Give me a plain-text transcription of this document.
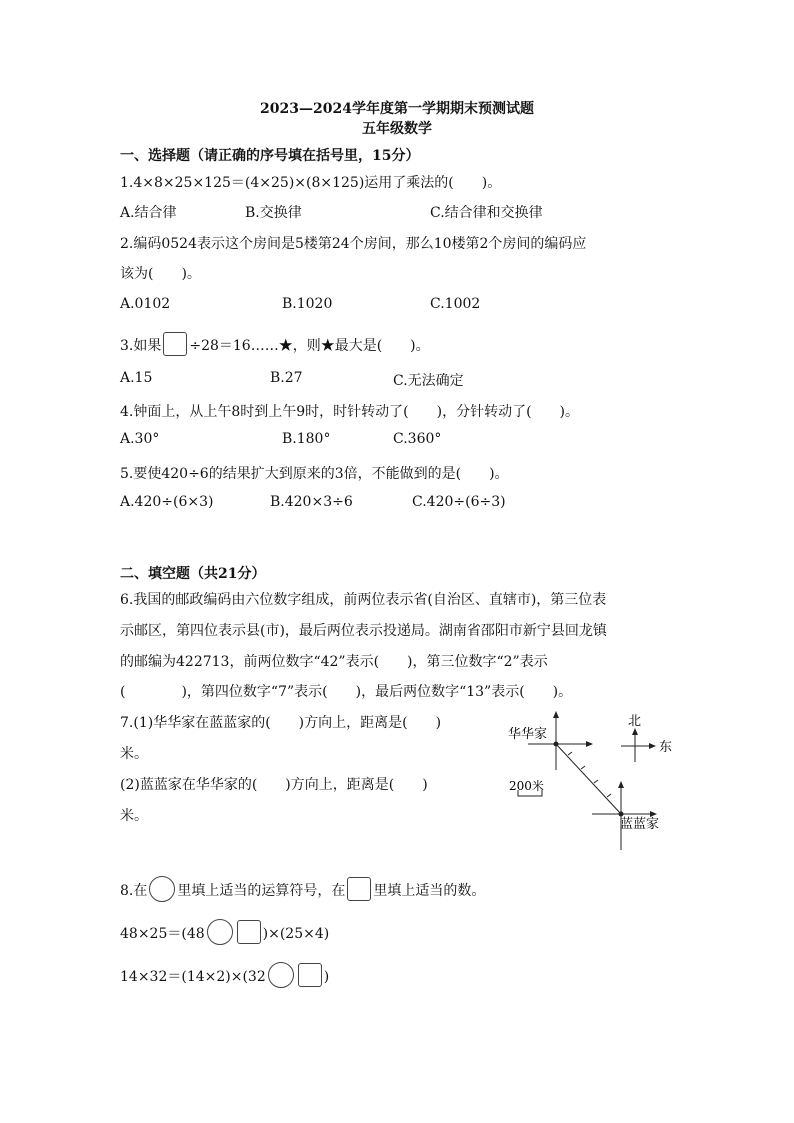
2023—2024学年度第一学期期末预测试题
五年级数学
一、选择题（请正确的序号填在括号里，15分）
1.4×8×25×125＝(4×25)×(8×125)运用了乘法的(　　)。
A.结合律	B.交换律	C.结合律和交换律
2.编码0524表示这个房间是5楼第24个房间，那么10楼第2个房间的编码应
该为(　　)。
A.0102	B.1020	C.1002
3.如果 ÷28＝16……★，则★最大是(　　)。
A.15	B.27	C.无法确定
4.钟面上，从上午8时到上午9时，时针转动了(　　)，分针转动了(　　)。
A.30°	B.180°	C.360°
5.要使420÷6的结果扩大到原来的3倍，不能做到的是(　　)。
A.420÷(6×3)	B.420×3÷6	C.420÷(6÷3)
二、填空题（共21分）
6.我国的邮政编码由六位数字组成，前两位表示省(自治区、直辖市)，第三位表
示邮区，第四位表示县(市)，最后两位表示投递局。湖南省邵阳市新宁县回龙镇
的邮编为422713，前两位数字“42”表示(　　)，第三位数字“2”表示
(　　　　)，第四位数字“7”表示(　　)，最后两位数字“13”表示(　　)。
7.(1)华华家在蓝蓝家的(　　)方向上，距离是(　　)
米。
(2)蓝蓝家在华华家的(　　)方向上，距离是(　　)
米。
华华家
蓝蓝家
200米
北
东
8.在 里填上适当的运算符号，在 里填上适当的数。
48×25＝(48	)×(25×4)
14×32＝(14×2)×(32	)
